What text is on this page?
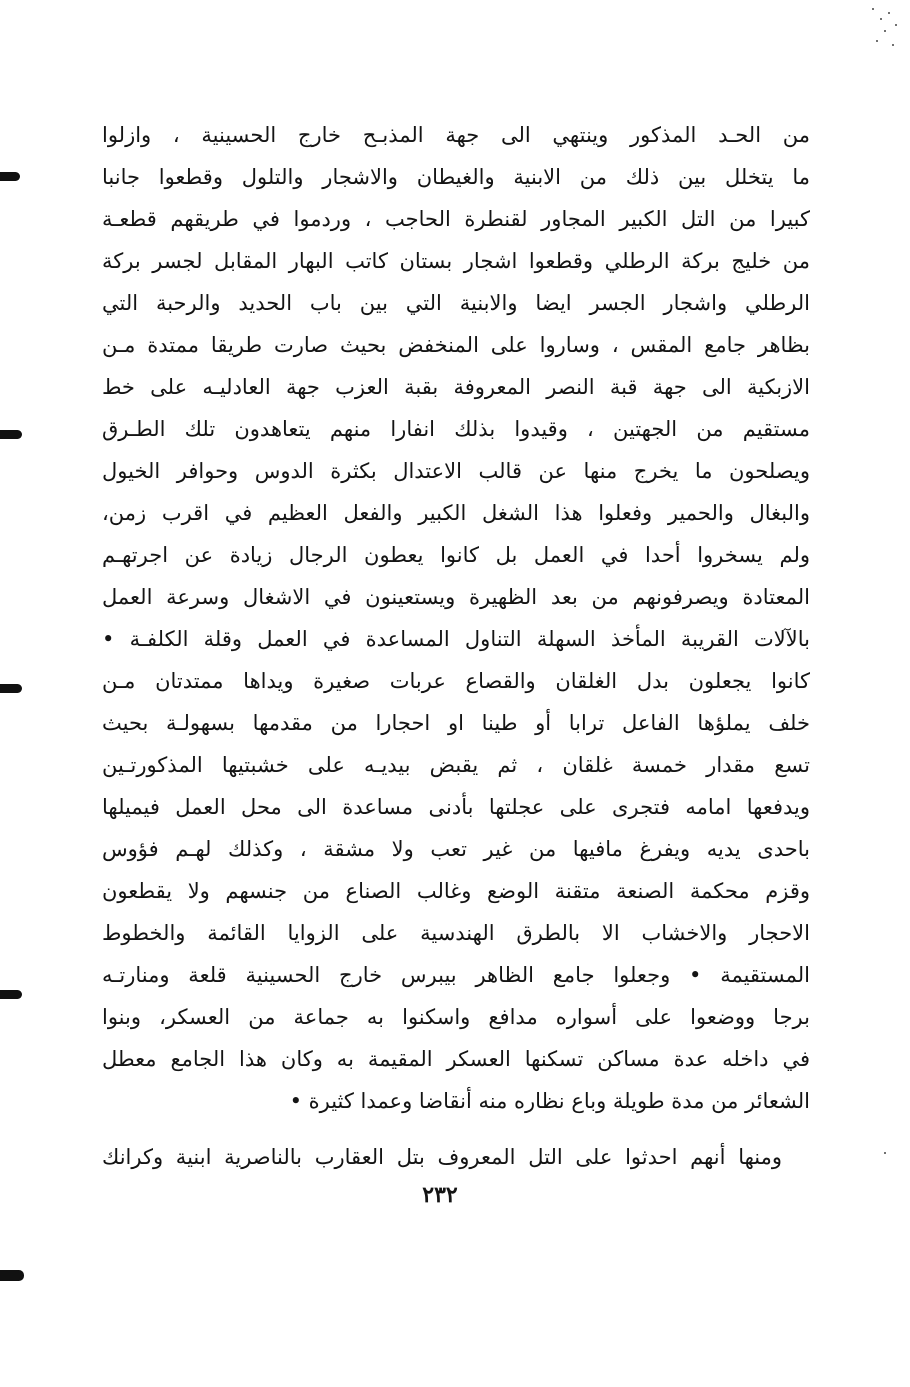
من الحـد المذكور وينتهي الى جهة المذبـح خارج الحسينية ، وازلوا
ما يتخلل بين ذلك من الابنية والغيطان والاشجار والتلول وقطعوا جانبا
كبيرا من التل الكبير المجاور لقنطرة الحاجب ، وردموا في طريقهم قطعـة
من خليج بركة الرطلي وقطعوا اشجار بستان كاتب البهار المقابل لجسر بركة
الرطلي واشجار الجسر ايضا والابنية التي بين باب الحديد والرحبة التي
بظاهر جامع المقس ، وساروا على المنخفض بحيث صارت طريقا ممتدة مـن
الازبكية الى جهة قبة النصر المعروفة بقبة العزب جهة العادليـه على خط
مستقيم من الجهتين ، وقيدوا بذلك انفارا منهم يتعاهدون تلك الطـرق
ويصلحون ما يخرج منها عن قالب الاعتدال بكثرة الدوس وحوافر الخيول
والبغال والحمير وفعلوا هذا الشغل الكبير والفعل العظيم في اقرب زمن،
ولم يسخروا أحدا في العمل بل كانوا يعطون الرجال زيادة عن اجرتهـم
المعتادة ويصرفونهم من بعد الظهيرة ويستعينون في الاشغال وسرعة العمل
بالآلات القريبة المأخذ السهلة التناول المساعدة في العمل وقلة الكلفـة •
كانوا يجعلون بدل الغلقان والقصاع عربات صغيرة ويداها ممتدتان مـن
خلف يملؤها الفاعل ترابا أو طينا او احجارا من مقدمها بسهولـة بحيث
تسع مقدار خمسة غلقان ، ثم يقبض بيديـه على خشبتيها المذكورتـين
ويدفعها امامه فتجرى على عجلتها بأدنى مساعدة الى محل العمل فيميلها
باحدى يديه ويفرغ مافيها من غير تعب ولا مشقة ، وكذلك لهـم فؤوس
وقزم محكمة الصنعة متقنة الوضع وغالب الصناع من جنسهم ولا يقطعون
الاحجار والاخشاب الا بالطرق الهندسية على الزوايا القائمة والخطوط
المستقيمة • وجعلوا جامع الظاهر بيبرس خارج الحسينية قلعة ومنارتـه
برجا ووضعوا على أسواره مدافع واسكنوا به جماعة من العسكر، وبنوا
في داخله عدة مساكن تسكنها العسكر المقيمة به وكان هذا الجامع معطل
الشعائر من مدة طويلة وباع نظاره منه أنقاضا وعمدا كثيرة •
ومنها أنهم احدثوا على التل المعروف بتل العقارب بالناصرية ابنية وكرانك
٢٣٢
